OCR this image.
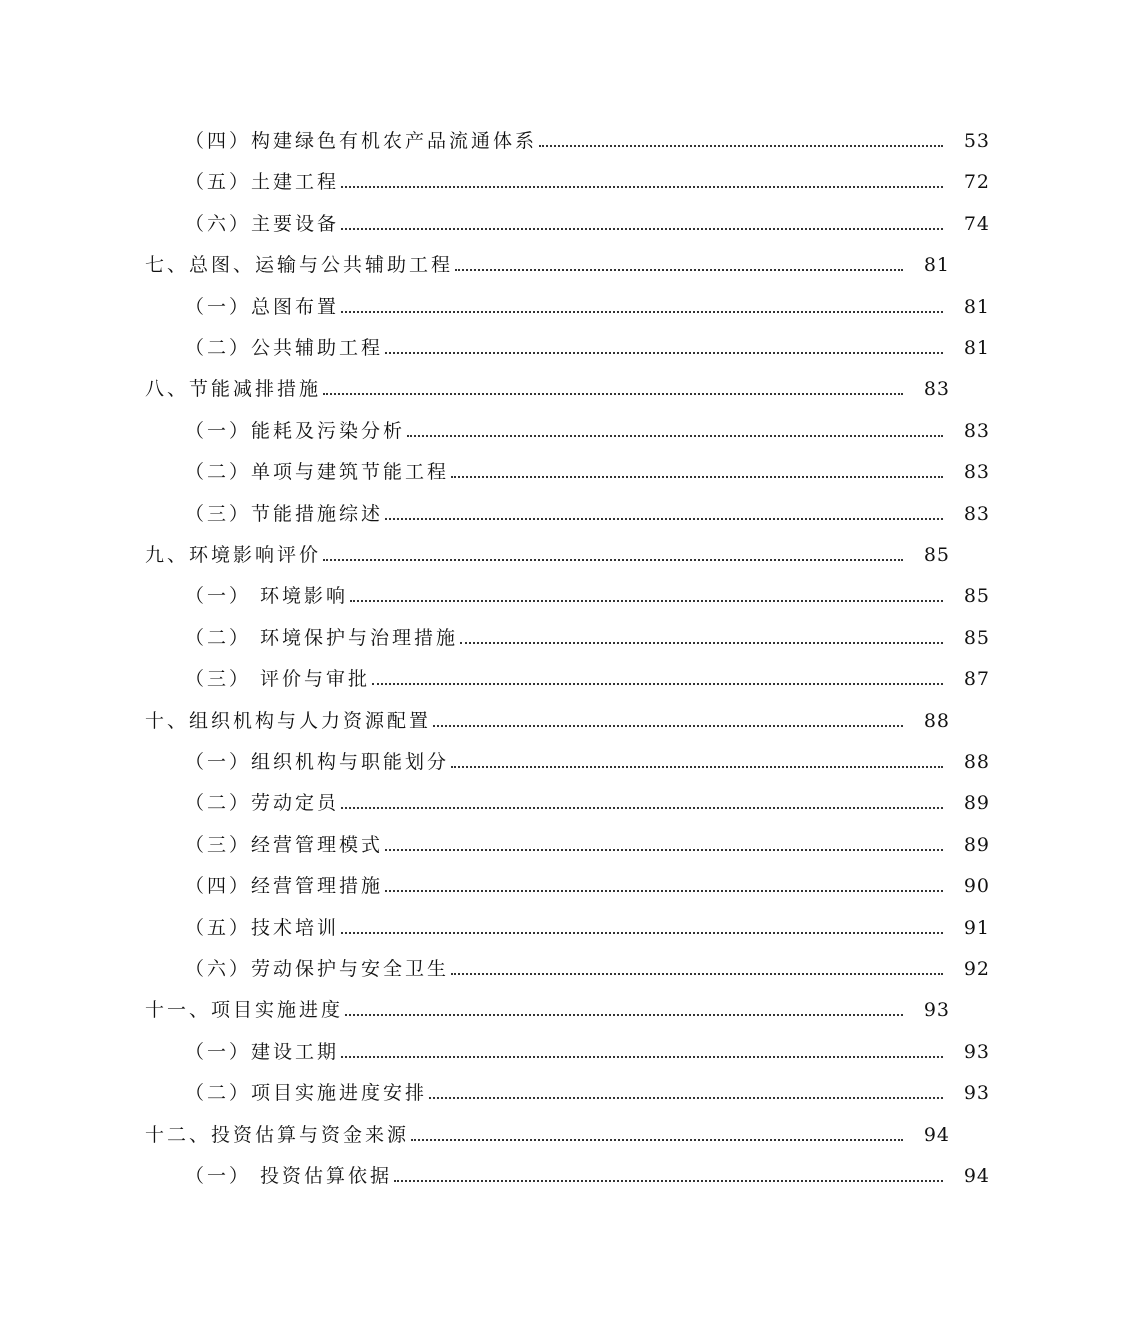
（四）构建绿色有机农产品流通体系	53
（五）土建工程	72
（六）主要设备	74
七、总图、运输与公共辅助工程	81
（一）总图布置	81
（二）公共辅助工程	81
八、节能减排措施	83
（一）能耗及污染分析	83
（二）单项与建筑节能工程	83
（三）节能措施综述	83
九、环境影响评价	85
（一） 环境影响	85
（二） 环境保护与治理措施	85
（三） 评价与审批	87
十、组织机构与人力资源配置	88
（一）组织机构与职能划分	88
（二）劳动定员	89
（三）经营管理模式	89
（四）经营管理措施	90
（五）技术培训	91
（六）劳动保护与安全卫生	92
十一、项目实施进度	93
（一）建设工期	93
（二）项目实施进度安排	93
十二、投资估算与资金来源	94
（一） 投资估算依据	94
